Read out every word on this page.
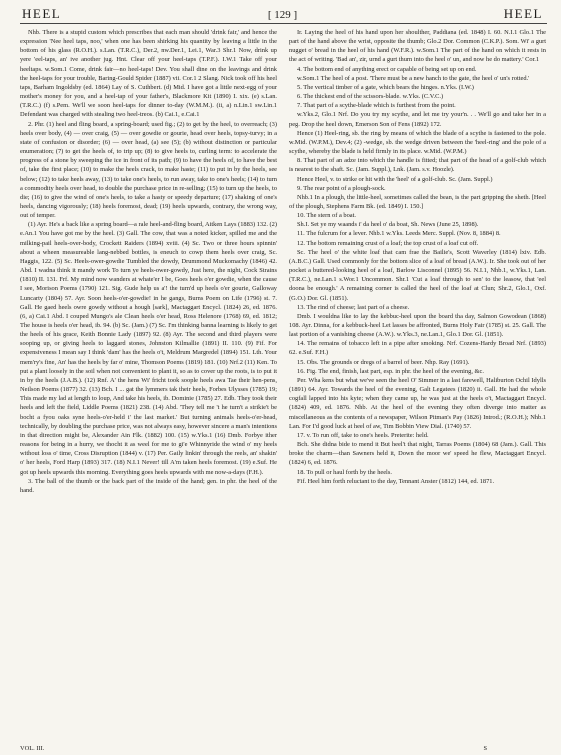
HEEL	[ 129 ]	HEEL

Nhb. There is a stupid custom which prescribes that each man should 'drink fair,' and hence the expression 'Nee heel taps, noo,' when one has been shirking his quantity by leaving a little in the bottom of his glass (R.O.H.). s.Lan. (T.R.C.), Der.2, nw.Der.1, Lei.1, War.3 Shr.1 Now, drink up yere 'eel-taps, an' ive another jug. Hnt. Clear off your heel-taps (T.P.F.). I.W.1 Take off your heeltaps. w.Som.1 Come, drink fair—no heel-taps! Dev. You shall dine on the leavings and drink the heel-taps for your trouble, Baring-Gould Spider (1887) vii. Cor.1 2 Slang. Nick took off his heel taps, Barham Ingoldsby (ed. 1864) Lay of S. Cuthbert. (d) Mid. I have got a little next-egg of your mother's money for you, and a heel-tap of your father's, Blackmore Kit (1890) I. xix. (e) s.Lan. (T.R.C.) (f) s.Pem. We'll we soon heel-taps for dinner to-day (W.M.M.). (ii, a) n.Lin.1 sw.Lin.1 Defendant was charged with stealing two heel-treos. (b) Cai.1, e.Cai.1

2. Phr. (1) heel and fling board, a spring-board; used fig.; (2) to get by the heel, to overreach; (3) heels over body, (4) — over craig, (5) — over gowdie or gourie, head over heels, topsy-turvy; in a state of confusion or disorder; (6) — over head, (a) see (5); (b) without distinction or particular enumeration; (7) to get the heels of, to trip up; (8) to give heels to, curling term: to accelerate the progress of a stone by sweeping the ice in front of its path; (9) to have the heels of, to have the best of, take the first place; (10) to make the heels crack, to make haste; (11) to put in by the heels, see below; (12) to take heels away, (13) to take one's heels, to run away, take to one's heels; (14) to turn a commodity heels over head, to double the purchase price in re-selling; (15) to turn up the heels, to die; (16) to give the wind of one's heels, to take a hasty or speedy departure; (17) shaking of one's heels, dancing vigorously; (18) heels foremost, dead; (19) heels upwards, contrary, the wrong way, out of temper.

(1) Ayr. He's a back like a spring board—a rale heel-and-fling board, Aitken Lays (1883) 132. (2) e.An.1 You have got me by the heel. (3) Gall. The cow, that was a noted kicker, spilled me and the milking-pail heels-over-body, Crockett Raiders (1894) xviii. (4) Sc. Two or three hours spinnin' about a wheen measureable lang-nebbed bottles, is eneuch to cowp them heels over craig, Sc. Haggis, 122. (5) Sc. Heels-ower-gowdie Tumbled the dowdy, Drummond Muckomachy (1846) 42. Abd. I wadna think it mandy work To turn ye heels-ower-gowdy, Just here, the night, Cock Strains (1810) II. 131. Frf. My mind now wanders at whate'er I be, Goes heels o'er gowdie, when the cause I see, Morison Poems (1790) 121. Sig. Gude help us a'! the turn'd up heels o'er gourie, Galloway Luncarty (1804) 57. Ayr. Soon heels-o'er-gowdie! in he gangs, Burns Poem on Life (1796) st. 7. Gall. He gaed heels owre gowdy without a hough [sark], Mactaggart Encycl. (1824) 26, ed. 1876. (6, a) Cai.1 Abd. I couped Mungo's ale Clean heels o'er head, Ross Helenore (1768) 69, ed. 1812; The house is heels o'er head, ib. 94. (b) Sc. (Jam.) (7) Sc. I'm thinking banna learning is likely to get the heels of his grace, Keith Bonnie Lady (1897) 92. (8) Ayr. The second and third players were sooping up, or giving heels to laggard stones, Johnston Kilmallie (1891) II. 110. (9) Fif. For expensiveness I mean say I think 'dam' has the heels o't, Meldrum Margredel (1894) 151. Lth. Your mem'ry's fine, An' has the heels by far o' mine, Thomson Poems (1819) 181. (10) Nrf.2 (11) Ken. To put a plant loosely in the soil when not convenient to plant it, so as to cover up the roots, is to put it in by the heels (J.A.B.). (12) Rnf. A' the hens Wi' fricht took soople heels awa Tae their hen-pens, Neilson Poems (1877) 32. (13) Bch. I ... gat the lymmers tak their heels, Forbes Ulysses (1785) 19; This made my lad at length to loup, And take his heels, ib. Dominie (1785) 27. Edb. They took their heels and left the field, Liddle Poems (1821) 238. (14) Abd. 'They tell me 't he turn't a strikie't be bocht a fyou oaks syne heels-o'er-held i' the last market.' But turning animals heels-o'er-head, technically, by doubling the purchase price, was not always easy, however sincere a man's intentions in that direction might be, Alexander Ain Flk. (1882) 100. (15) w.Yks.1 (16) Dmb. Forbye ither reasons for being in a hurry, we thocht it as weel for me to gi'e Whinnyride the wind o' my heels without loss o' time, Cross Disruption (1844) v. (17) Per. Gaily linkin' through the reels, an' shakin' o' her heels, Ford Harp (1893) 317. (18) N.I.1 Never! till A'm taken heels foremost. (19) e.Suf. He got up heels upwards this morning. Everything goes heels upwards with me now-a-days (F.H.).

3. The ball of the thumb or the back part of the inside of the hand; gen. in phr. the heel of the hand.

Ir. Laying the heel of his hand upon her shoulther, Paddiana (ed. 1848) I. 60. N.I.1 Glo.1 The part of the hand above the wrist, opposite the thumb; Glo.2 Dor. Common (C.K.P.). Som. Wi' a gurt nugget o' bread in the heel of his hand (W.F.R.). w.Som.1 The part of the hand on which it rests in the act of writing. 'Bad an', zir, urnd a gurt thurn into the heel o' un, and now he do mattery.' Cor.1

4. The bottom end of anything erect or capable of being set up on end.

w.Som.1 The heel of a post. 'There must be a new hanch to the gate, the heel o' un's rotted.'

5. The vertical timber of a gate, which bears the hinges. n.Yks. (I.W.)

6. The thickest end of the scissors-blade. w.Yks. (C.V.C.)

7. That part of a scythe-blade which is furthest from the point.

w.Yks.2, Glo.1 Nrf. Do you try my scythe, and let me try your'n. . . We'll go and take her in a peg. Drop the heel down, Emerson Son of Fens (1892) 172.

Hence (1) Heel-ring, sb. the ring by means of which the blade of a scythe is fastened to the pole. w.Mid. (W.P.M.), Dev.4; (2) -wedge, sb. the wedge driven between the 'heel-ring' and the pole of a scythe, whereby the blade is held firmly in its place. w.Mid. (W.P.M.)

8. That part of an adze into which the handle is fitted; that part of the head of a golf-club which is nearest to the shaft. Sc. (Jam. Suppl.), Lnk. (Jam. s.v. Hoozle).

Hence Heel, v. to strike or hit with the 'heel' of a golf-club. Sc. (Jam. Suppl.)

9. The rear point of a plough-sock.

Nhb.1 In a plough, the little-heel, sometimes called the bean, is the part gripping the sheth. [Heel of the plough, Stephens Farm Bk. (ed. 1849) I. 150.]

10. The stern of a boat.

Sh.I. Set ye my waands i' da heel o' da boat, Sh. News (June 25, 1898).

11. The fulcrum for a lever. Nhb.1 w.Yks. Leeds Merc. Suppl. (Nov. 8, 1884) 8.

12. The bottom remaining crust of a loaf; the top crust of a loaf cut off.

Sc. The heel o' the white loaf that cam frae the Bailie's, Scott Waverley (1814) lxiv. Edb. (A.B.C.) Gall. Used commonly for the bottom slice of a loaf of bread (A.W.). Ir. She took out of her pocket a buttered-looking heel of a loaf, Barlow Lisconnel (1895) 56. N.I.1, Nhb.1, w.Yks.1, Lan. (T.R.C.), ne.Lan.1 s.Wor.1 Uncommon. Shr.1 'Cut a loaf through to sen' to the leasow, that 'eel doona be enough.' A remaining corner is called the heel of the loaf at Clun; Shr.2, Glo.1, Oxf. (G.O.) Dor. Gl. (1851).

13. The rind of cheese; last part of a cheese.

Dmb. I wouldna like to lay the kebbuc-heel upon the board tha day, Salmon Gowodean (1868) 108. Ayr. Dinna, for a kebbuck-heel Let lasses be affronted, Burns Holy Fair (1785) st. 25. Gall. The last portion of a vanishing cheese (A.W.). w.Yks.3, ne.Lan.1, Glo.1 Dor. Gl. (1851).

14. The remains of tobacco left in a pipe after smoking. Nrf. Cozens-Hardy Broad Nrf. (1893) 62. e.Suf. F.H.)

15. Obs. The grounds or dregs of a barrel of beer. Nhp. Ray (1691).

16. Fig. The end, finish, last part, esp. in phr. the heel of the evening, &c.

Per. Wha kens but what we've seen the heel O' Simmer in a last farewell, Haliburton Ochil Idylls (1891) 64. Ayr. Towards the heel of the evening, Galt Legatees (1820) ii. Gall. He had the whole cogfall lapped into his kyte; when they came up, he was just at the heels o't, Mactaggart Encycl. (1824) 409, ed. 1876. Nhb. At the heel of the evening they often diverge into matter as miscellaneous as the contents of a newspaper, Wilson Pitman's Pay (1826) Introd.; (R.O.H.); Nhb.1 Lan. For I'd good luck at heel of aw, Tim Bobbin View Dial. (1740) 57.

17. v. To run off, take to one's heels. Preterite: held.

Bch. She didna bide to mend it But heel't that night, Tarras Poems (1804) 68 (Jam.). Gall. This broke the charm—than Sawners held it, Down the moor we' speed he flew, Mactaggart Encycl. (1824) 6, ed. 1876.

18. To pull or haul forth by the heels.

Fif. Heel him forth reluctant to the day, Tennant Anster (1812) 144, ed. 1871.

VOL. III.	S
